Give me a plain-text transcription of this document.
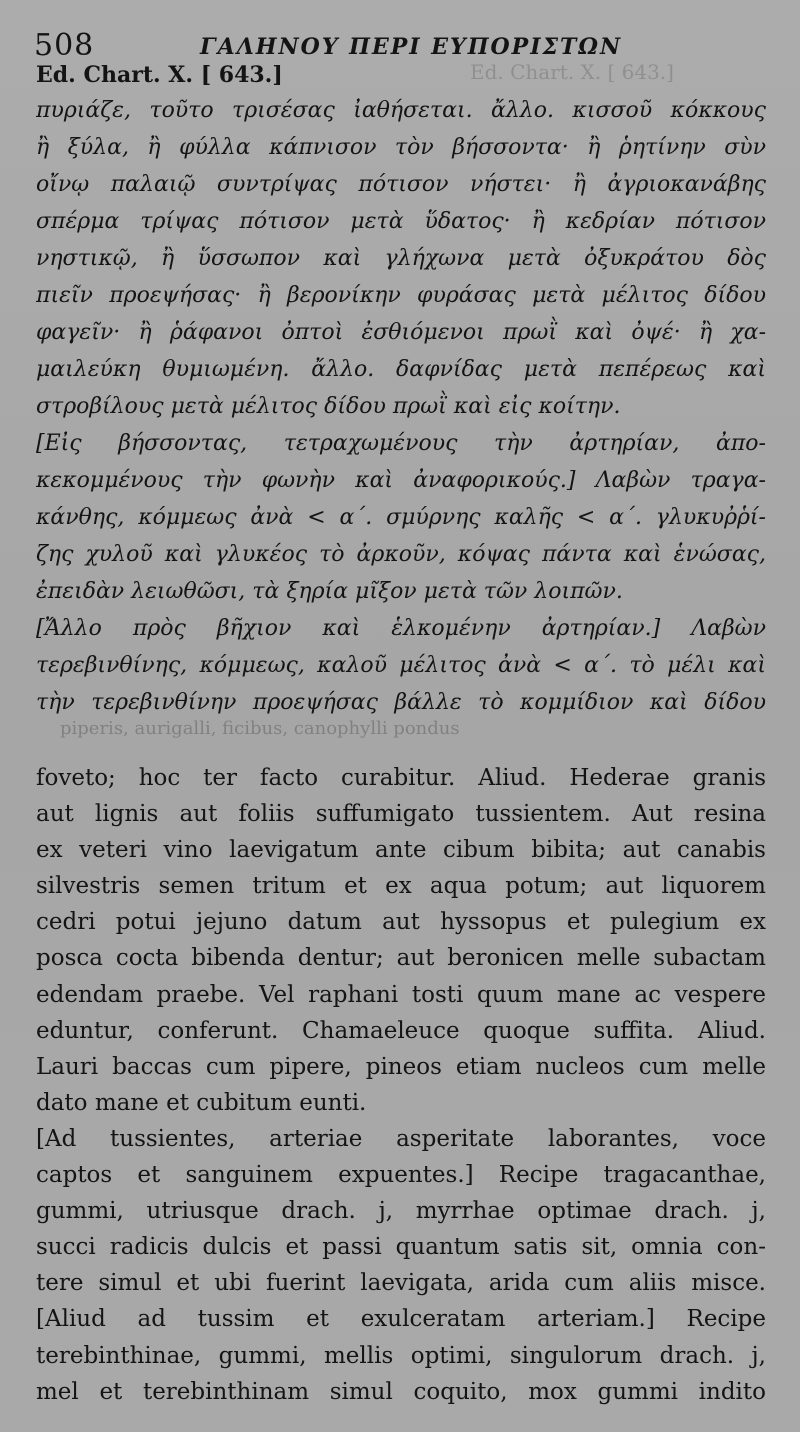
Ed. Chart. X. [ 643.]
508	ΓΑΛΗΝΟΥ ΠΕΡΙ ΕΥΠΟΡΙΣΤΩΝ
Ed. Chart. X. [ 643.]
πυριάζε, τοῦτο τρισέσας ἰαθήσεται. ἄλλο. κισσοῦ κόκκους
ἢ ξύλα, ἢ φύλλα κάπνισον τὸν βήσσοντα· ἢ ῥητίνην σὺν
οἴνῳ παλαιῷ συντρίψας πότισον νήστει· ἢ ἀγριοκανάβης
σπέρμα τρίψας πότισον μετὰ ὕδατος· ἢ κεδρίαν πότισον
νηστικῷ, ἢ ὕσσωπον καὶ γλήχωνα μετὰ ὀξυκράτου δὸς
πιεῖν προεψήσας· ἢ βερονίκην φυράσας μετὰ μέλιτος δίδου
φαγεῖν· ἢ ῥάφανοι ὀπτοὶ ἐσθιόμενοι πρωῒ καὶ ὀψέ· ἢ χα-
μαιλεύκη θυμιωμένη. ἄλλο. δαφνίδας μετὰ πεπέρεως καὶ
στροβίλους μετὰ μέλιτος δίδου πρωῒ καὶ εἰς κοίτην.
[Εἰς βήσσοντας, τετραχωμένους τὴν ἀρτηρίαν, ἀπο-
κεκομμένους τὴν φωνὴν καὶ ἀναφορικούς.] Λαβὼν τραγα-
κάνθης, κόμμεως ἀνὰ < α΄. σμύρνης καλῆς < α΄. γλυκυῤῥί-
ζης χυλοῦ καὶ γλυκέος τὸ ἀρκοῦν, κόψας πάντα καὶ ἑνώσας,
ἐπειδὰν λειωθῶσι, τὰ ξηρία μῖξον μετὰ τῶν λοιπῶν.
[Ἄλλο πρὸς βῆχιον καὶ ἑλκομένην ἀρτηρίαν.] Λαβὼν
τερεβινθίνης, κόμμεως, καλοῦ μέλιτος ἀνὰ < α΄. τὸ μέλι καὶ
τὴν τερεβινθίνην προεψήσας βάλλε τὸ κομμίδιον καὶ δίδου
piperis, aurigalli, ficibus, canophylli pondus
foveto; hoc ter facto curabitur. Aliud. Hederae granis
aut lignis aut foliis suffumigato tussientem. Aut resina
ex veteri vino laevigatum ante cibum bibita; aut canabis
silvestris semen tritum et ex aqua potum; aut liquorem
cedri potui jejuno datum aut hyssopus et pulegium ex
posca cocta bibenda dentur; aut beronicen melle subactam
edendam praebe. Vel raphani tosti quum mane ac vespere
eduntur, conferunt. Chamaeleuce quoque suffita. Aliud.
Lauri baccas cum pipere, pineos etiam nucleos cum melle
dato mane et cubitum eunti.
[Ad tussientes, arteriae asperitate laborantes, voce
captos et sanguinem expuentes.] Recipe tragacanthae,
gummi, utriusque drach. j, myrrhae optimae drach. j,
succi radicis dulcis et passi quantum satis sit, omnia con-
tere simul et ubi fuerint laevigata, arida cum aliis misce.
[Aliud ad tussim et exulceratam arteriam.] Recipe
terebinthinae, gummi, mellis optimi, singulorum drach. j,
mel et terebinthinam simul coquito, mox gummi indito
